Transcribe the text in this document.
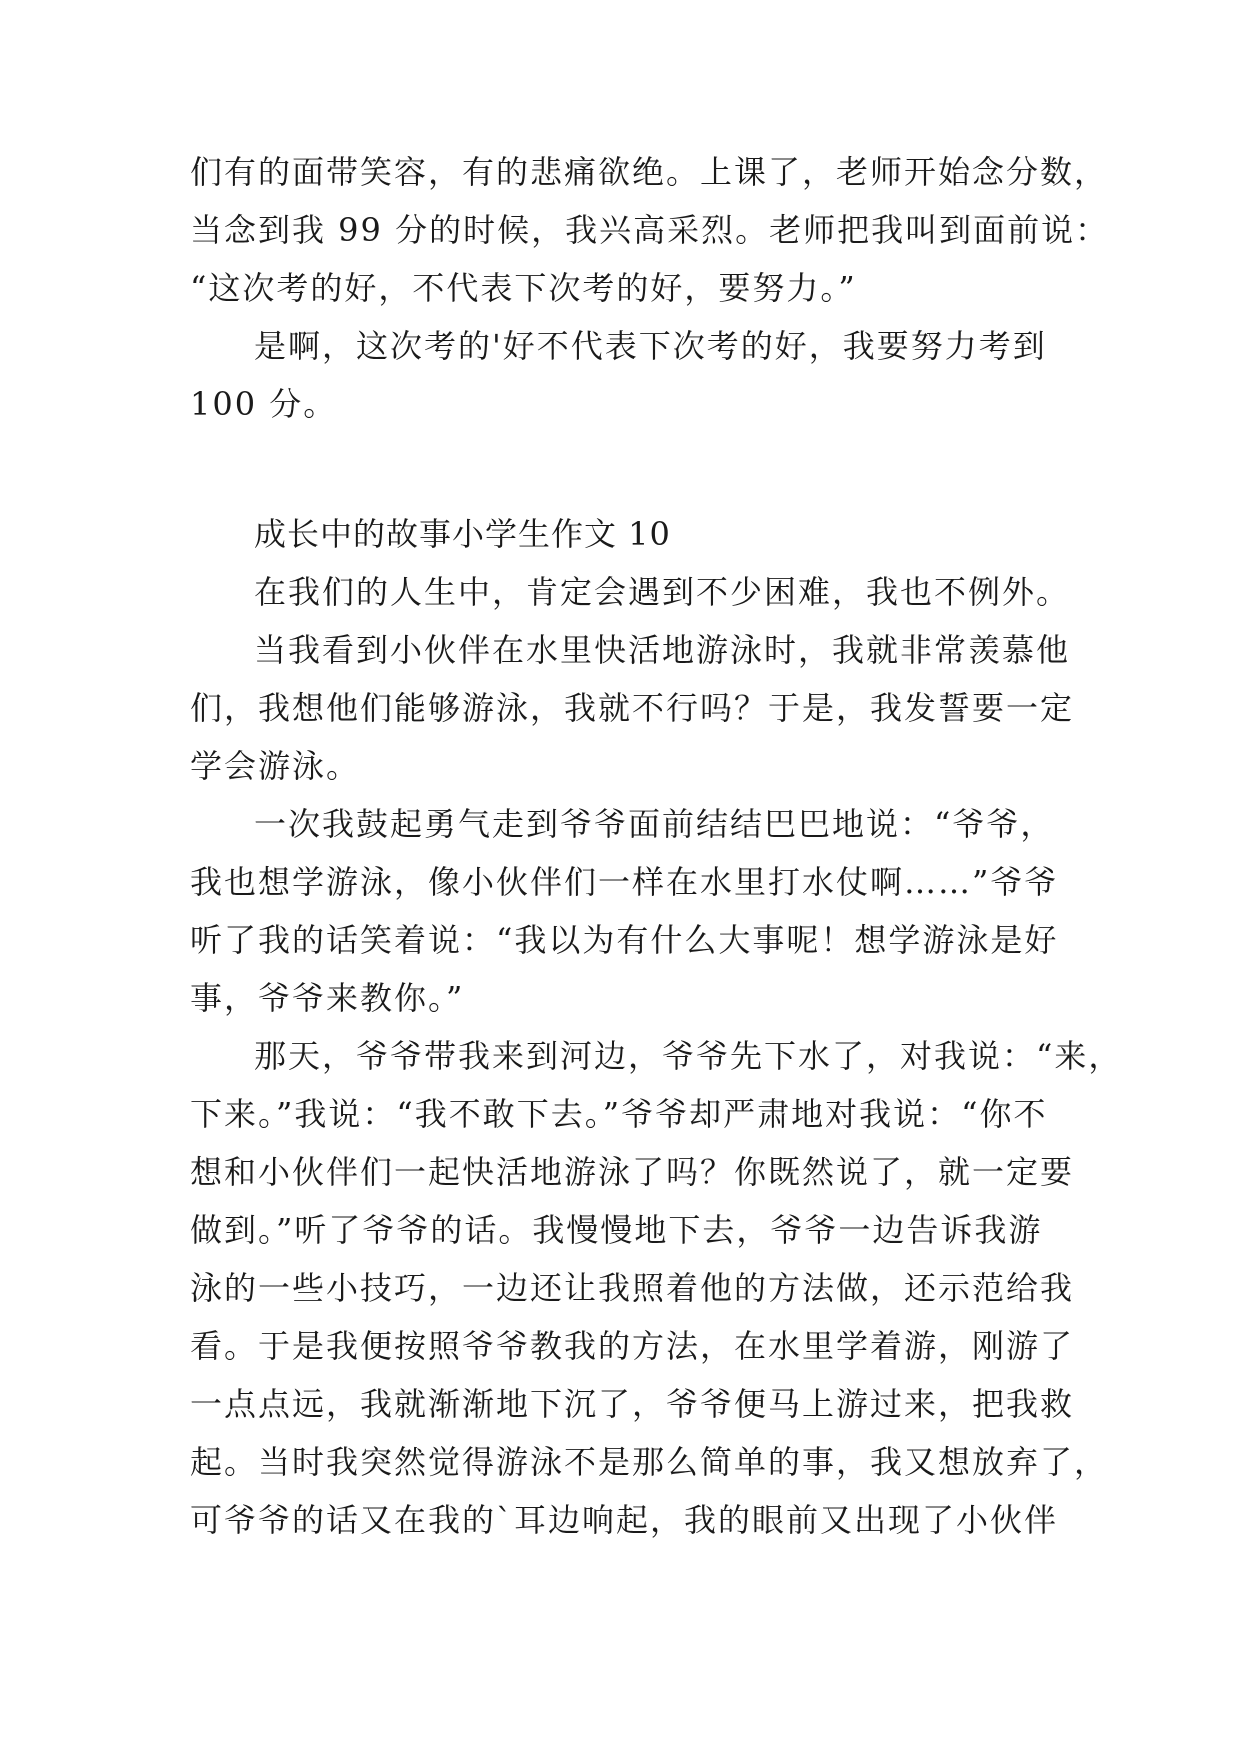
们有的面带笑容，有的悲痛欲绝。上课了，老师开始念分数，
当念到我 99 分的时候，我兴高采烈。老师把我叫到面前说：
“这次考的好，不代表下次考的好，要努力。”
是啊，这次考的'好不代表下次考的好，我要努力考到
100 分。
成长中的故事小学生作文 10
在我们的人生中，肯定会遇到不少困难，我也不例外。
当我看到小伙伴在水里快活地游泳时，我就非常羡慕他
们，我想他们能够游泳，我就不行吗？于是，我发誓要一定
学会游泳。
一次我鼓起勇气走到爷爷面前结结巴巴地说：“爷爷，
我也想学游泳，像小伙伴们一样在水里打水仗啊……”爷爷
听了我的话笑着说：“我以为有什么大事呢！想学游泳是好
事，爷爷来教你。”
那天，爷爷带我来到河边，爷爷先下水了，对我说：“来，
下来。”我说：“我不敢下去。”爷爷却严肃地对我说：“你不
想和小伙伴们一起快活地游泳了吗？你既然说了，就一定要
做到。”听了爷爷的话。我慢慢地下去，爷爷一边告诉我游
泳的一些小技巧，一边还让我照着他的方法做，还示范给我
看。于是我便按照爷爷教我的方法，在水里学着游，刚游了
一点点远，我就渐渐地下沉了，爷爷便马上游过来，把我救
起。当时我突然觉得游泳不是那么简单的事，我又想放弃了，
可爷爷的话又在我的`耳边响起，我的眼前又出现了小伙伴
